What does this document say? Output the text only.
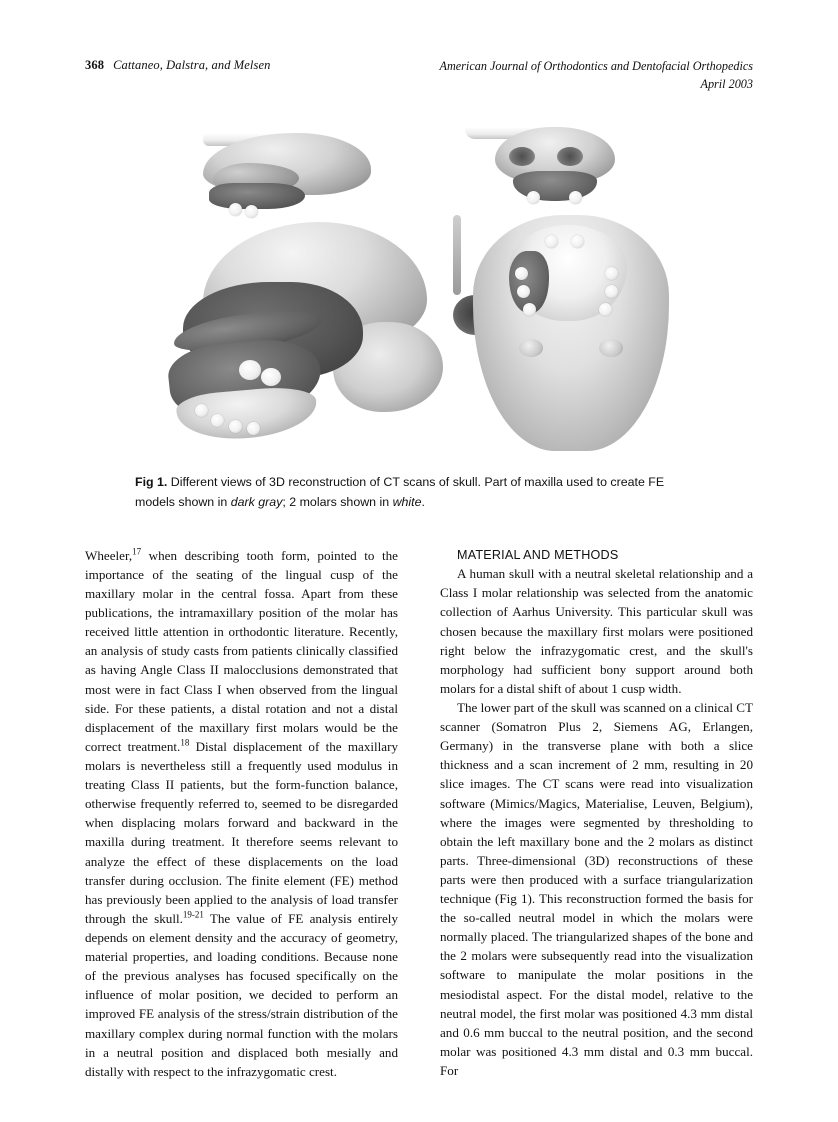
368 Cattaneo, Dalstra, and Melsen	American Journal of Orthodontics and Dentofacial Orthopedics
April 2003
Fig 1. Different views of 3D reconstruction of CT scans of skull. Part of maxilla used to create FE models shown in dark gray; 2 molars shown in white.

Wheeler,$^{17}$ when describing tooth form, pointed to the importance of the seating of the lingual cusp of the maxillary molar in the central fossa. Apart from these publications, the intramaxillary position of the molar has received little attention in orthodontic literature. Recently, an analysis of study casts from patients clinically classified as having Angle Class II malocclusions demonstrated that most were in fact Class I when observed from the lingual side. For these patients, a distal rotation and not a distal displacement of the maxillary first molars would be the correct treatment.$^{18}$ Distal displacement of the maxillary molars is nevertheless still a frequently used modulus in treating Class II patients, but the form-function balance, otherwise frequently referred to, seemed to be disregarded when displacing molars forward and backward in the maxilla during treatment. It therefore seems relevant to analyze the effect of these displacements on the load transfer during occlusion. The finite element (FE) method has previously been applied to the analysis of load transfer through the skull.$^{19-21}$ The value of FE analysis entirely depends on element density and the accuracy of geometry, material properties, and loading conditions. Because none of the previous analyses has focused specifically on the influence of molar position, we decided to perform an improved FE analysis of the stress/strain distribution of the maxillary complex during normal function with the molars in a neutral position and displaced both mesially and distally with respect to the infrazygomatic crest.

MATERIAL AND METHODS

A human skull with a neutral skeletal relationship and a Class I molar relationship was selected from the anatomic collection of Aarhus University. This particular skull was chosen because the maxillary first molars were positioned right below the infrazygomatic crest, and the skull's morphology had sufficient bony support around both molars for a distal shift of about 1 cusp width.

The lower part of the skull was scanned on a clinical CT scanner (Somatron Plus 2, Siemens AG, Erlangen, Germany) in the transverse plane with both a slice thickness and a scan increment of 2 mm, resulting in 20 slice images. The CT scans were read into visualization software (Mimics/Magics, Materialise, Leuven, Belgium), where the images were segmented by thresholding to obtain the left maxillary bone and the 2 molars as distinct parts. Three-dimensional (3D) reconstructions of these parts were then produced with a surface triangularization technique (Fig 1). This reconstruction formed the basis for the so-called neutral model in which the molars were normally placed. The triangularized shapes of the bone and the 2 molars were subsequently read into the visualization software to manipulate the molar positions in the mesiodistal aspect. For the distal model, relative to the neutral model, the first molar was positioned 4.3 mm distal and 0.6 mm buccal to the neutral position, and the second molar was positioned 4.3 mm distal and 0.3 mm buccal. For
